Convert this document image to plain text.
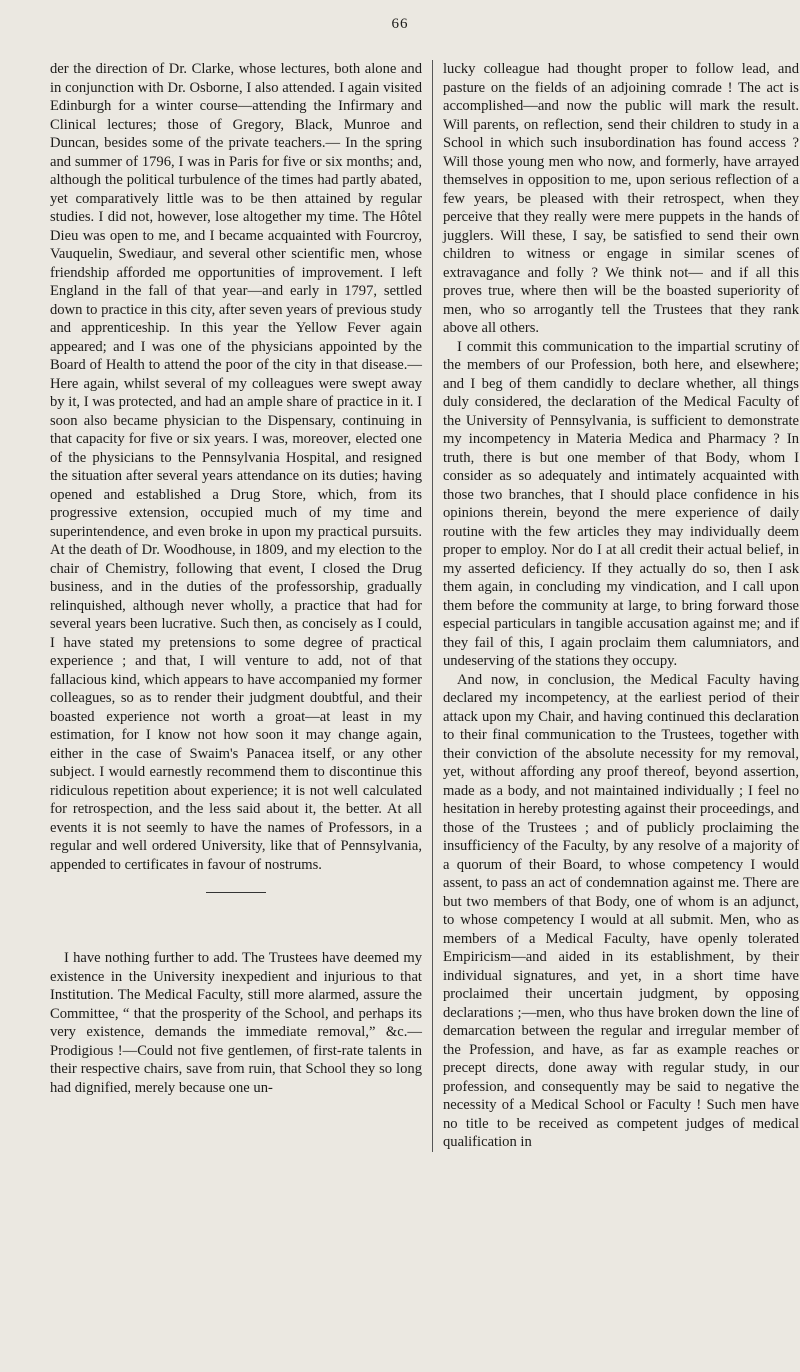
66

der the direction of Dr. Clarke, whose lectures, both alone and in conjunction with Dr. Osborne, I also attended. I again visited Edinburgh for a winter course—attending the Infirmary and Clinical lectures; those of Gregory, Black, Munroe and Duncan, besides some of the private teachers.— In the spring and summer of 1796, I was in Paris for five or six months; and, although the political turbulence of the times had partly abated, yet comparatively little was to be then attained by regular studies. I did not, however, lose altogether my time. The Hôtel Dieu was open to me, and I became acquainted with Fourcroy, Vauquelin, Swediaur, and several other scientific men, whose friendship afforded me opportunities of improvement. I left England in the fall of that year—and early in 1797, settled down to practice in this city, after seven years of previous study and apprenticeship. In this year the Yellow Fever again appeared; and I was one of the physicians appointed by the Board of Health to attend the poor of the city in that disease.— Here again, whilst several of my colleagues were swept away by it, I was protected, and had an ample share of practice in it. I soon also became physician to the Dispensary, continuing in that capacity for five or six years. I was, moreover, elected one of the physicians to the Pennsylvania Hospital, and resigned the situation after several years attendance on its duties; having opened and established a Drug Store, which, from its progressive extension, occupied much of my time and superintendence, and even broke in upon my practical pursuits. At the death of Dr. Woodhouse, in 1809, and my election to the chair of Chemistry, following that event, I closed the Drug business, and in the duties of the professorship, gradually relinquished, although never wholly, a practice that had for several years been lucrative. Such then, as concisely as I could, I have stated my pretensions to some degree of practical experience ; and that, I will venture to add, not of that fallacious kind, which appears to have accompanied my former colleagues, so as to render their judgment doubtful, and their boasted experience not worth a groat—at least in my estimation, for I know not how soon it may change again, either in the case of Swaim's Panacea itself, or any other subject. I would earnestly recommend them to discontinue this ridiculous repetition about experience; it is not well calculated for retrospection, and the less said about it, the better. At all events it is not seemly to have the names of Professors, in a regular and well ordered University, like that of Pennsylvania, appended to certificates in favour of nostrums.

I have nothing further to add. The Trustees have deemed my existence in the University inexpedient and injurious to that Institution. The Medical Faculty, still more alarmed, assure the Committee, “ that the prosperity of the School, and perhaps its very existence, demands the immediate removal,” &c.—Prodigious !—Could not five gentlemen, of first-rate talents in their respective chairs, save from ruin, that School they so long had dignified, merely because one un-

lucky colleague had thought proper to follow lead, and pasture on the fields of an adjoining comrade ! The act is accomplished—and now the public will mark the result. Will parents, on reflection, send their children to study in a School in which such insubordination has found access ? Will those young men who now, and formerly, have arrayed themselves in opposition to me, upon serious reflection of a few years, be pleased with their retrospect, when they perceive that they really were mere puppets in the hands of jugglers. Will these, I say, be satisfied to send their own children to witness or engage in similar scenes of extravagance and folly ? We think not— and if all this proves true, where then will be the boasted superiority of men, who so arrogantly tell the Trustees that they rank above all others.

I commit this communication to the impartial scrutiny of the members of our Profession, both here, and elsewhere; and I beg of them candidly to declare whether, all things duly considered, the declaration of the Medical Faculty of the University of Pennsylvania, is sufficient to demonstrate my incompetency in Materia Medica and Pharmacy ? In truth, there is but one member of that Body, whom I consider as so adequately and intimately acquainted with those two branches, that I should place confidence in his opinions therein, beyond the mere experience of daily routine with the few articles they may individually deem proper to employ. Nor do I at all credit their actual belief, in my asserted deficiency. If they actually do so, then I ask them again, in concluding my vindication, and I call upon them before the community at large, to bring forward those especial particulars in tangible accusation against me; and if they fail of this, I again proclaim them calumniators, and undeserving of the stations they occupy.

And now, in conclusion, the Medical Faculty having declared my incompetency, at the earliest period of their attack upon my Chair, and having continued this declaration to their final communication to the Trustees, together with their conviction of the absolute necessity for my removal, yet, without affording any proof thereof, beyond assertion, made as a body, and not maintained individually ; I feel no hesitation in hereby protesting against their proceedings, and those of the Trustees ; and of publicly proclaiming the insufficiency of the Faculty, by any resolve of a majority of a quorum of their Board, to whose competency I would assent, to pass an act of condemnation against me. There are but two members of that Body, one of whom is an adjunct, to whose competency I would at all submit. Men, who as members of a Medical Faculty, have openly tolerated Empiricism—and aided in its establishment, by their individual signatures, and yet, in a short time have proclaimed their uncertain judgment, by opposing declarations ;—men, who thus have broken down the line of demarcation between the regular and irregular member of the Profession, and have, as far as example reaches or precept directs, done away with regular study, in our profession, and consequently may be said to negative the necessity of a Medical School or Faculty ! Such men have no title to be received as competent judges of medical qualification in
